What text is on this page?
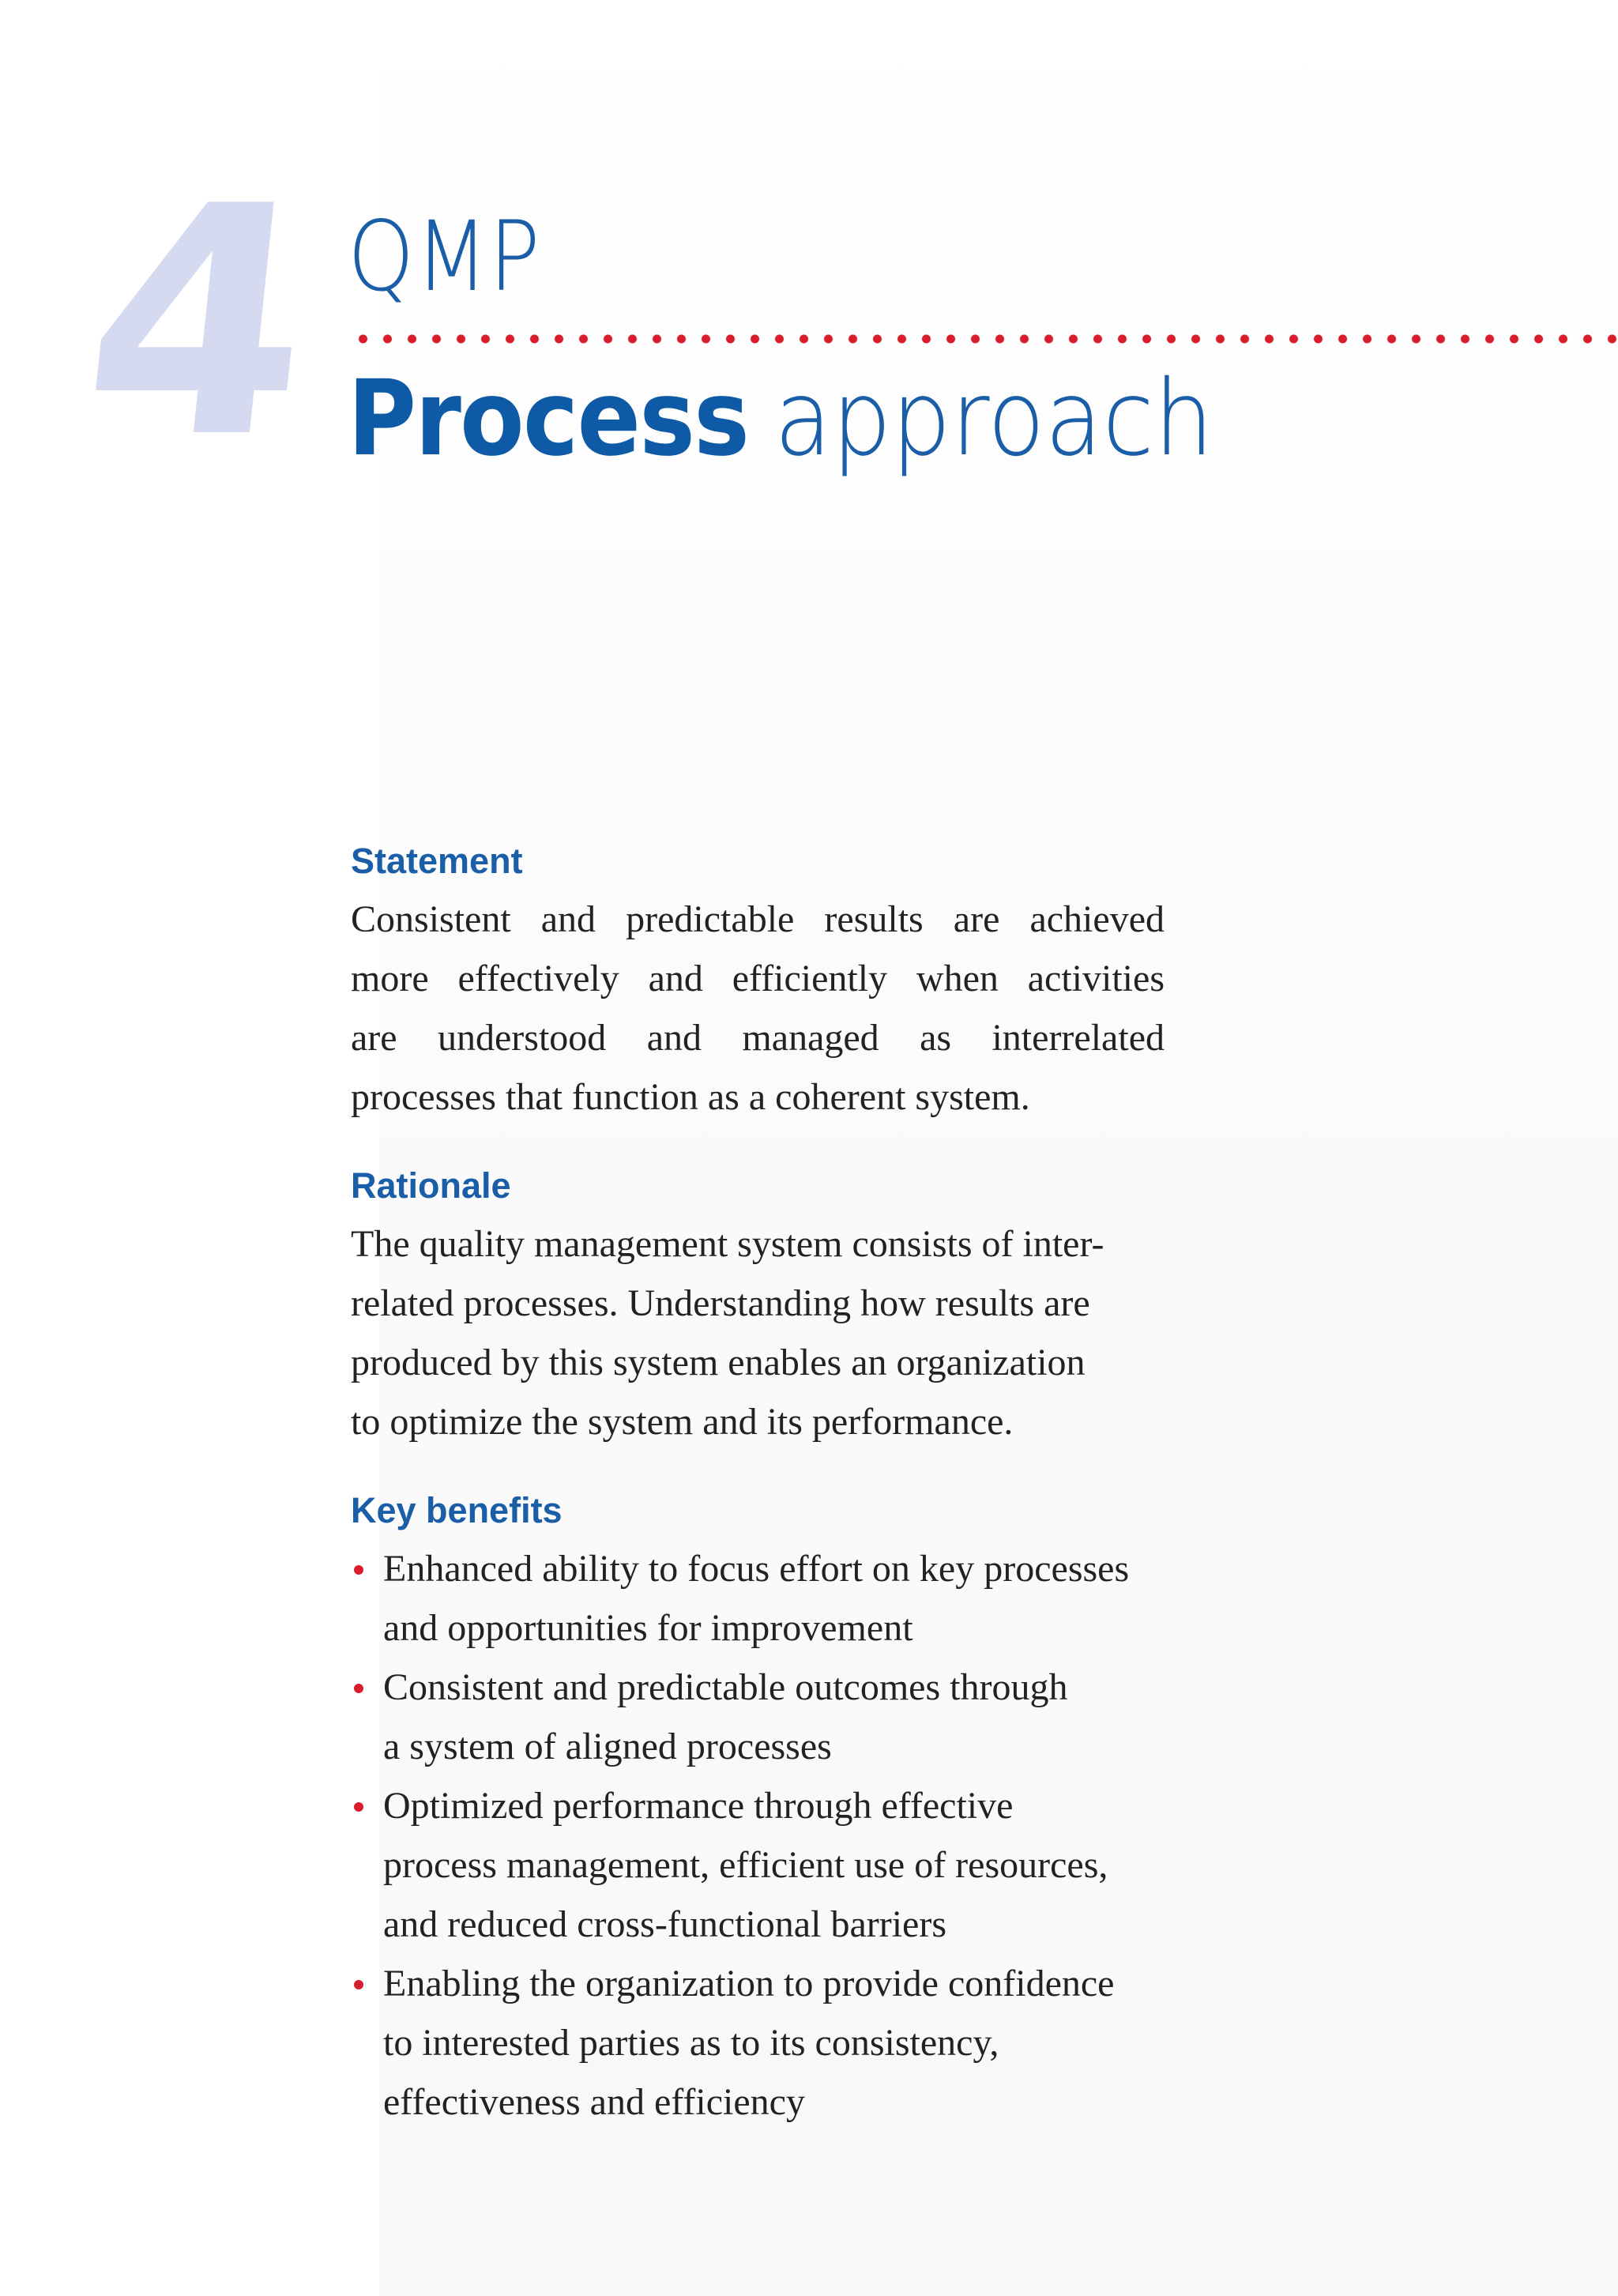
4 QMP
Process approach
Statement

Consistent and predictable results are achieved
more effectively and efficiently when activities
are understood and managed as interrelated
processes that function as a coherent system.

Rationale

The quality management system consists of inter-
related processes. Understanding how results are
produced by this system enables an organization
to optimize the system and its performance.

Key benefits
Enhanced ability to focus effort on key processes
and opportunities for improvement
Consistent and predictable outcomes through
a system of aligned processes
Optimized performance through effective
process management, efficient use of resources,
and reduced cross-functional barriers
Enabling the organization to provide confidence
to interested parties as to its consistency,
effectiveness and efficiency
